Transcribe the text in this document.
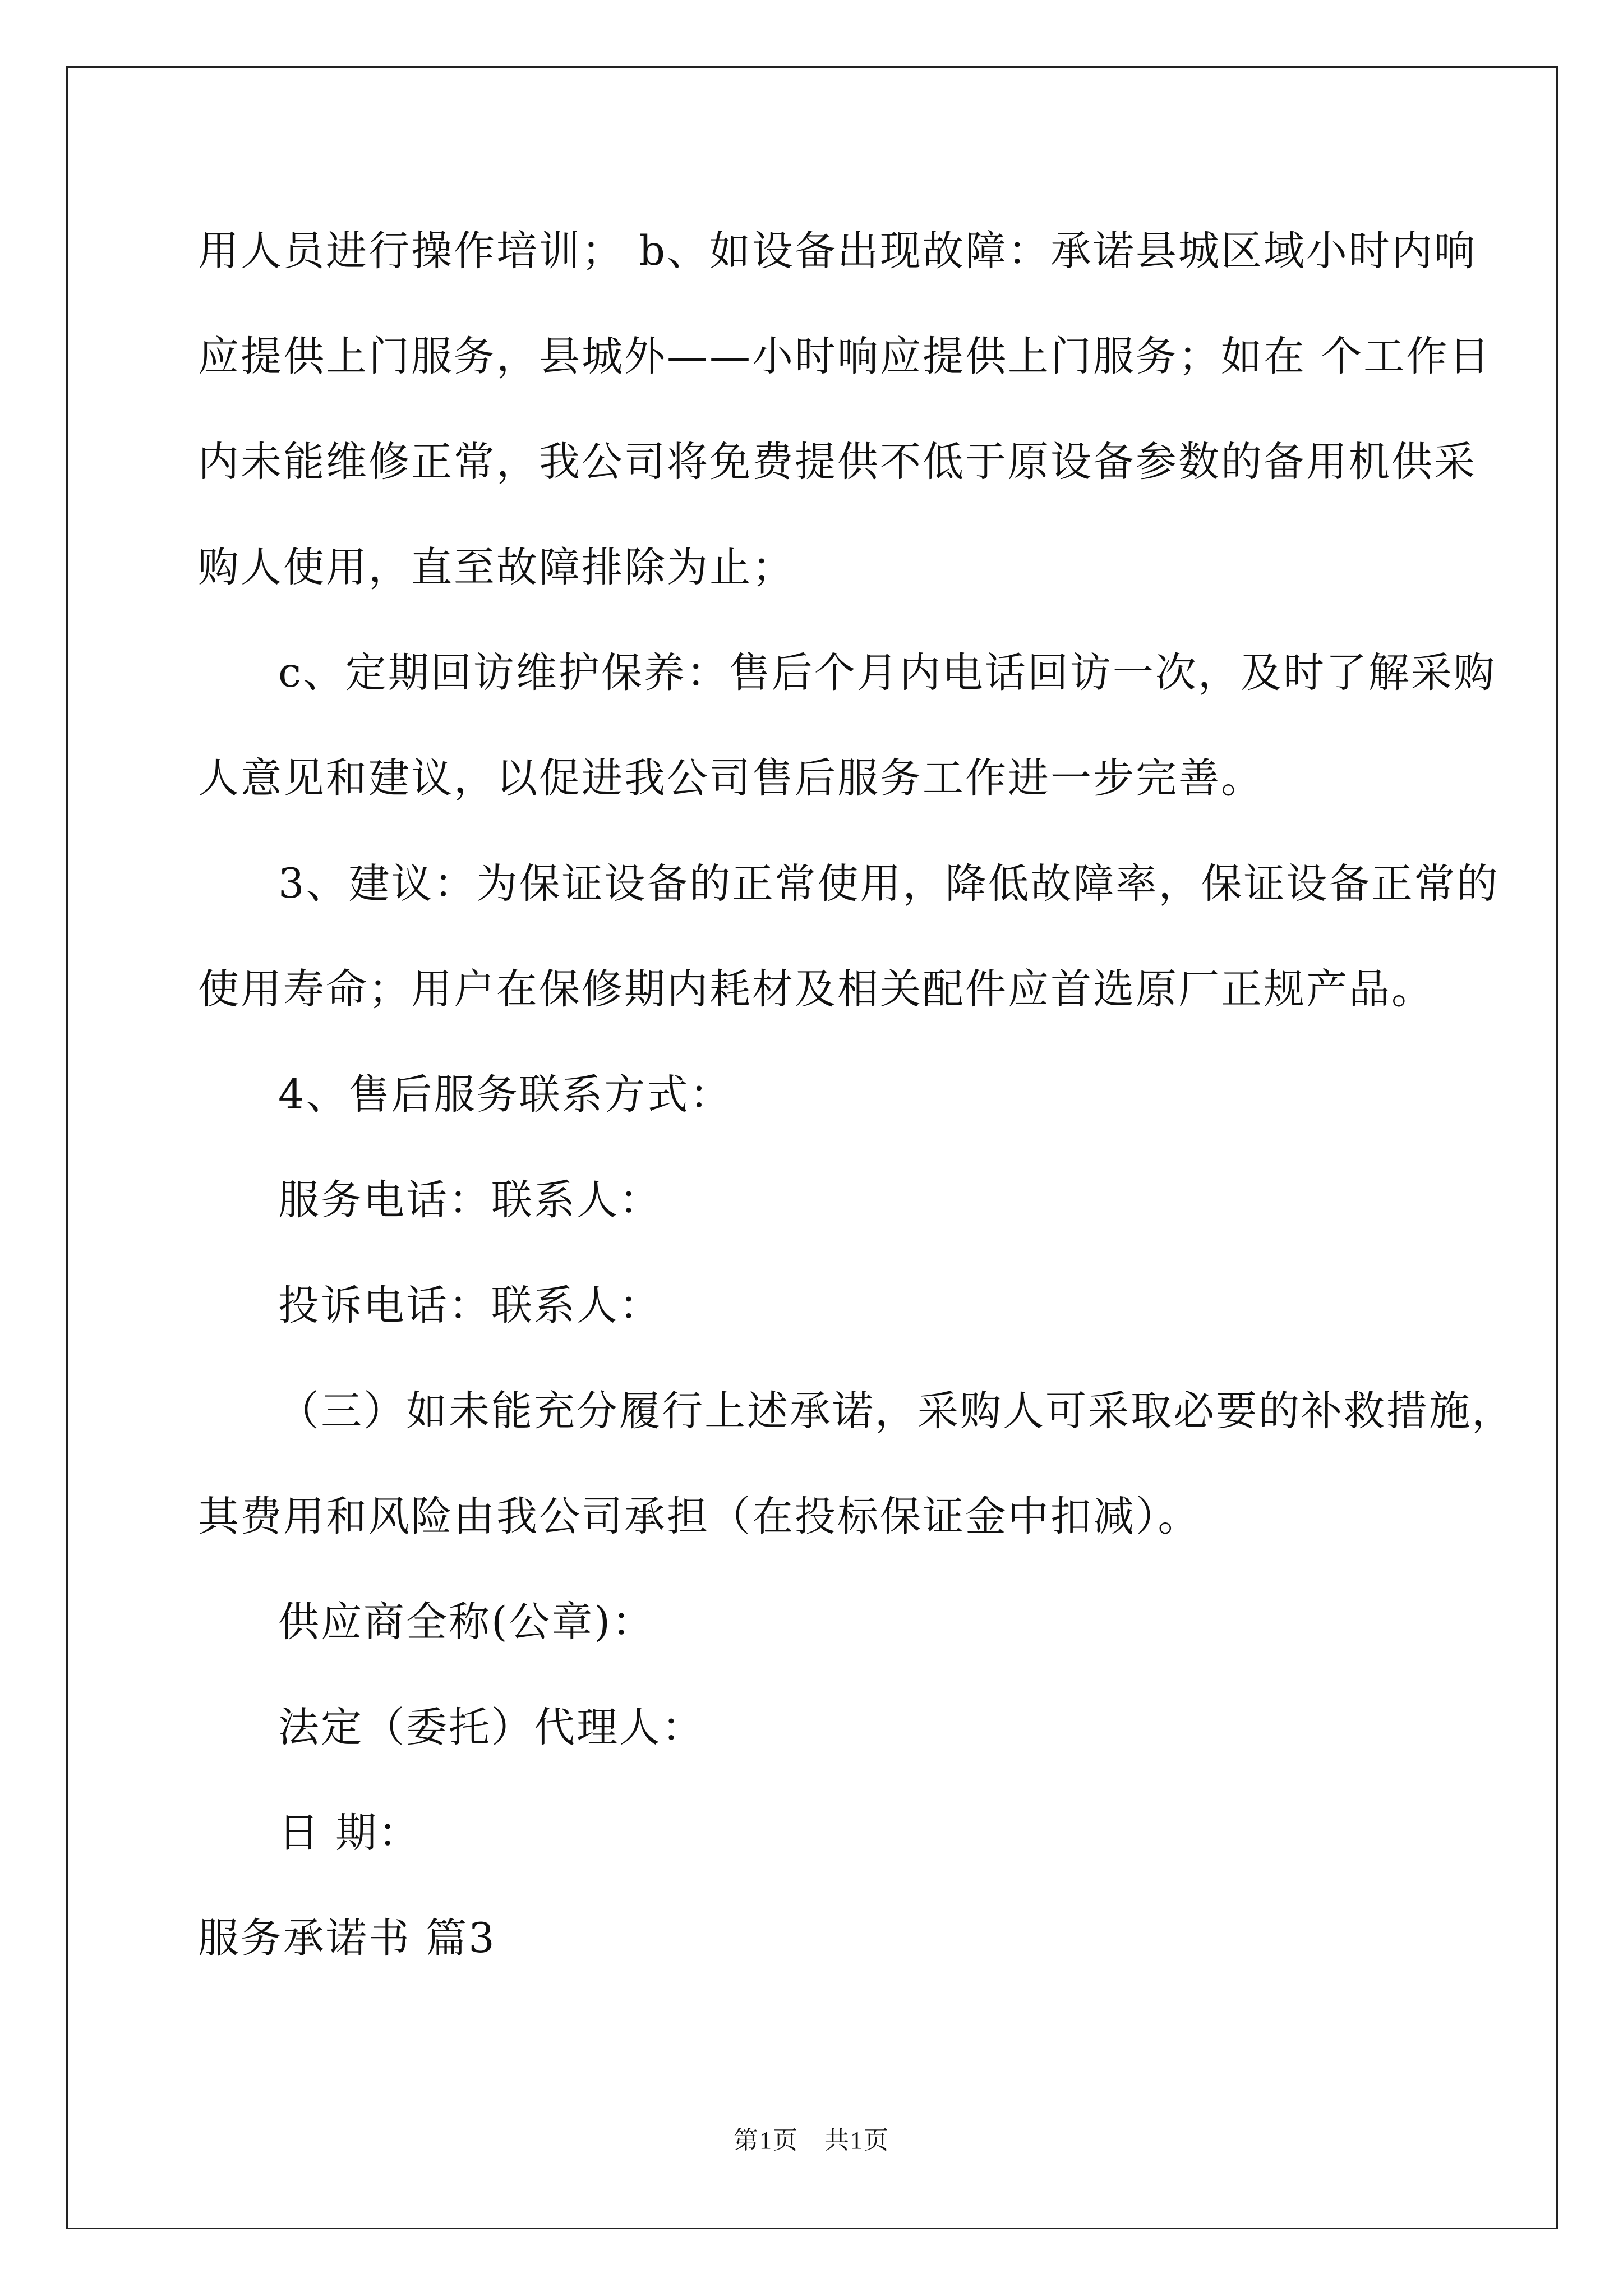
用人员进行操作培训； b、如设备出现故障：承诺县城区域小时内响
应提供上门服务，县城外——小时响应提供上门服务；如在 个工作日
内未能维修正常，我公司将免费提供不低于原设备参数的备用机供采
购人使用，直至故障排除为止；
c、定期回访维护保养：售后个月内电话回访一次，及时了解采购
人意见和建议，以促进我公司售后服务工作进一步完善。
3、建议：为保证设备的正常使用，降低故障率，保证设备正常的
使用寿命；用户在保修期内耗材及相关配件应首选原厂正规产品。
4、售后服务联系方式：
服务电话：联系人：
投诉电话：联系人：
（三）如未能充分履行上述承诺，采购人可采取必要的补救措施，
其费用和风险由我公司承担（在投标保证金中扣减）。
供应商全称(公章)：
法定（委托）代理人：
日 期：
服务承诺书 篇3
第1页　共1页
